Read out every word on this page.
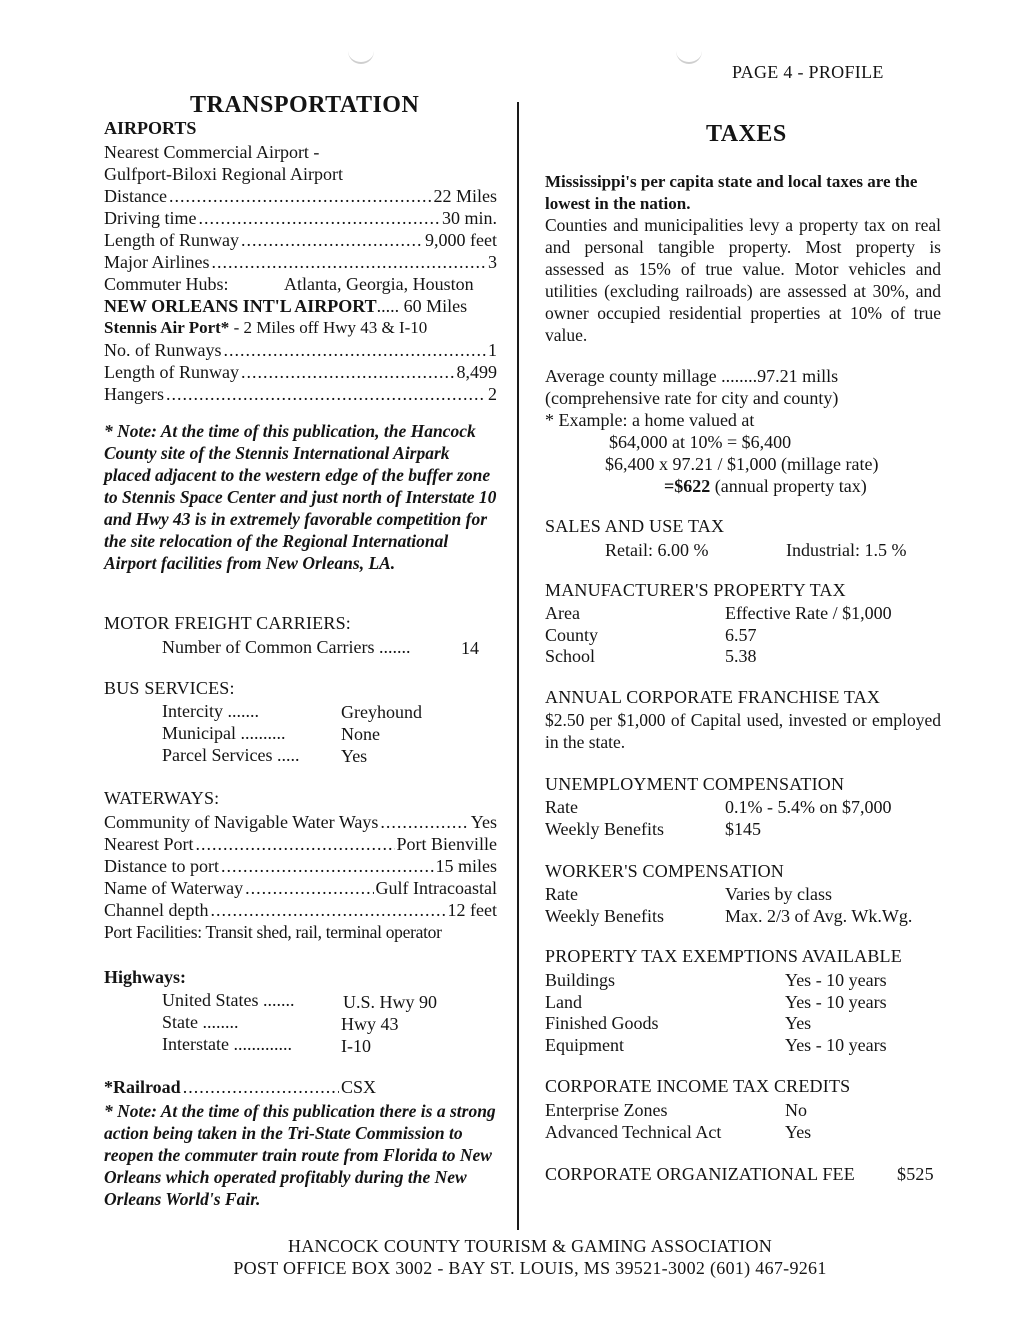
PAGE 4 - PROFILE
TRANSPORTATION
AIRPORTS
Nearest Commercial Airport -
Gulfport-Biloxi Regional Airport
Distance .....	22 Miles
Driving time .....	30 min.
Length of Runway .....	9,000 feet
Major Airlines .....	3
Commuter Hubs:	Atlanta, Georgia, Houston
NEW ORLEANS INT'L AIRPORT..... 60 Miles
Stennis Air Port* - 2 Miles off Hwy 43 & I-10
No. of Runways .....	1
Length of Runway .....	8,499
Hangers .....	2
* Note: At the time of this publication, the Hancock County site of the Stennis International Airpark placed adjacent to the western edge of the buffer zone to Stennis Space Center and just north of Interstate 10 and Hwy 43 is in extremely favorable competition for the site relocation of the Regional International Airport facilities from New Orleans, LA.
MOTOR FREIGHT CARRIERS:
Number of Common Carriers .......	14
BUS SERVICES:
Intercity .......	Greyhound
Municipal ..........	None
Parcel Services ..... Yes
WATERWAYS:
Community of Navigable Water Ways .....	Yes
Nearest Port .....	Port Bienville
Distance to port .....	15 miles
Name of Waterway .....	Gulf Intracoastal
Channel depth .....	12 feet
Port Facilities: Transit shed, rail, terminal operator
Highways:
United States .......	U.S. Hwy 90
State ........	Hwy 43
Interstate .............	I-10
*Railroad .....	CSX
* Note: At the time of this publication there is a strong action being taken in the Tri-State Commission to reopen the commuter train route from Florida to New Orleans which operated profitably during the New Orleans World's Fair.
TAXES
Mississippi's per capita state and local taxes are the lowest in the nation.
Counties and municipalities levy a property tax on real and personal tangible property. Most property is assessed as 15% of true value. Motor vehicles and utilities (excluding railroads) are assessed at 30%, and owner occupied residential properties at 10% of true value.
Average county millage ........97.21 mills
(comprehensive rate for city and county)
* Example: a home valued at
$64,000 at 10% = $6,400
$6,400 x 97.21 / $1,000 (millage rate)
=$622 (annual property tax)
SALES AND USE TAX
Retail: 6.00 %	Industrial: 1.5 %
MANUFACTURER'S PROPERTY TAX
Area	Effective Rate / $1,000
County	6.57
School	5.38
ANNUAL CORPORATE FRANCHISE TAX
$2.50 per $1,000 of Capital used, invested or employed in the state.
UNEMPLOYMENT COMPENSATION
Rate	0.1% - 5.4% on $7,000
Weekly Benefits	$145
WORKER'S COMPENSATION
Rate	Varies by class
Weekly Benefits	Max. 2/3 of Avg. Wk.Wg.
PROPERTY TAX EXEMPTIONS AVAILABLE
Buildings	Yes - 10 years
Land	Yes - 10 years
Finished Goods	Yes
Equipment	Yes - 10 years
CORPORATE INCOME TAX CREDITS
Enterprise Zones	No
Advanced Technical Act	Yes
CORPORATE ORGANIZATIONAL FEE $525
HANCOCK COUNTY TOURISM & GAMING ASSOCIATION
POST OFFICE BOX 3002 - BAY ST. LOUIS, MS 39521-3002 (601) 467-9261
